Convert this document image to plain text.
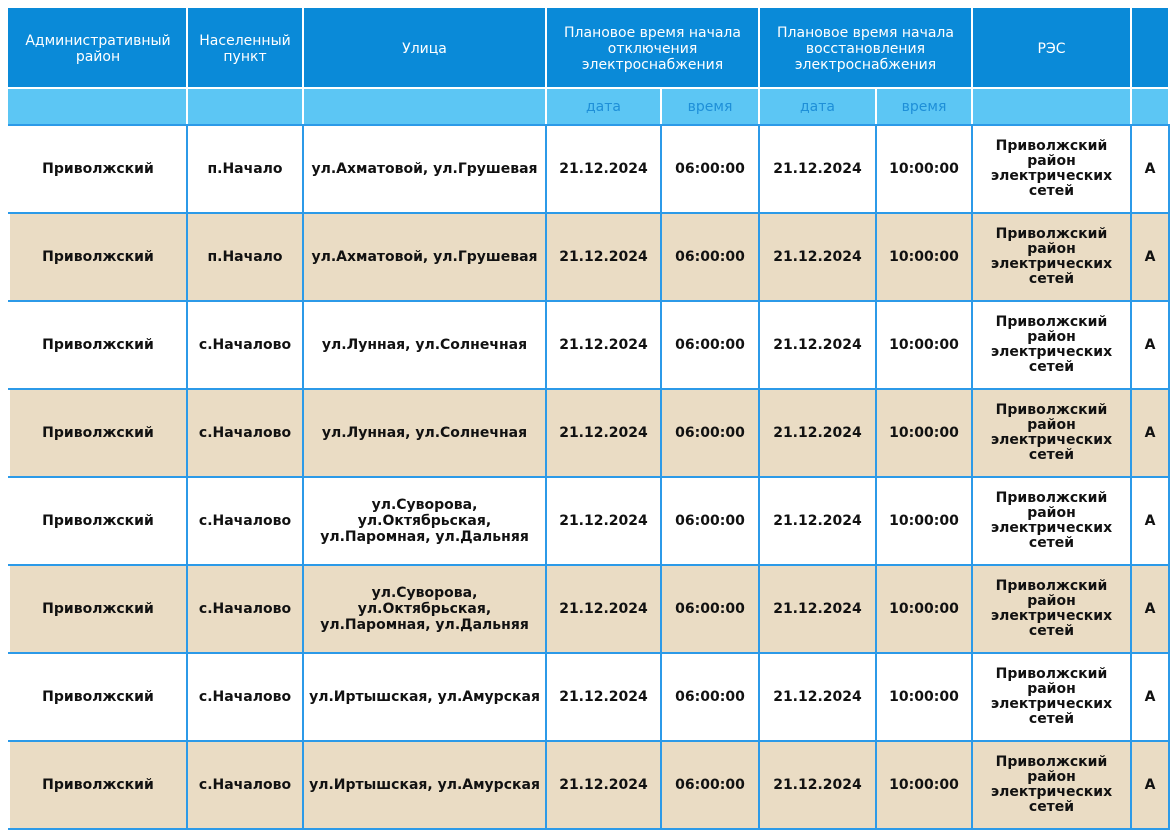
Административный район	Населенный пункт	Улица	Плановое время начала отключения электроснабжения		Плановое время начала восстановления электроснабжения		РЭС	
			дата	время	дата	время		
Приволжский	п.Начало	ул.Ахматовой, ул.Грушевая	21.12.2024	06:00:00	21.12.2024	10:00:00	Приволжский район электрических сетей	А
Приволжский	п.Начало	ул.Ахматовой, ул.Грушевая	21.12.2024	06:00:00	21.12.2024	10:00:00	Приволжский район электрических сетей	А
Приволжский	с.Началово	ул.Лунная, ул.Солнечная	21.12.2024	06:00:00	21.12.2024	10:00:00	Приволжский район электрических сетей	А
Приволжский	с.Началово	ул.Лунная, ул.Солнечная	21.12.2024	06:00:00	21.12.2024	10:00:00	Приволжский район электрических сетей	А
Приволжский	с.Началово	ул.Суворова, ул.Октябрьская, ул.Паромная, ул.Дальняя	21.12.2024	06:00:00	21.12.2024	10:00:00	Приволжский район электрических сетей	А
Приволжский	с.Началово	ул.Суворова, ул.Октябрьская, ул.Паромная, ул.Дальняя	21.12.2024	06:00:00	21.12.2024	10:00:00	Приволжский район электрических сетей	А
Приволжский	с.Началово	ул.Иртышская, ул.Амурская	21.12.2024	06:00:00	21.12.2024	10:00:00	Приволжский район электрических сетей	А
Приволжский	с.Началово	ул.Иртышская, ул.Амурская	21.12.2024	06:00:00	21.12.2024	10:00:00	Приволжский район электрических сетей	А
